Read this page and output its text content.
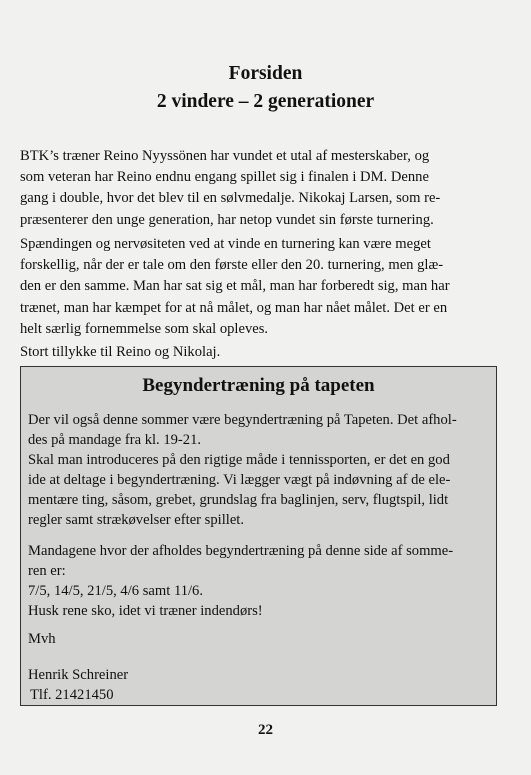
Forsiden

2 vindere – 2 generationer

BTK’s træner Reino Nyyssönen har vundet et utal af mesterskaber, og
som veteran har Reino endnu engang spillet sig i finalen i DM. Denne
gang i double, hvor det blev til en sølvmedalje. Nikokaj Larsen, som re-
præsenterer den unge generation, har netop vundet sin første turnering.
Spændingen og nervøsiteten ved at vinde en turnering kan være meget
forskellig, når der er tale om den første eller den 20. turnering, men glæ-
den er den samme. Man har sat sig et mål, man har forberedt sig, man har
trænet, man har kæmpet for at nå målet, og man har nået målet. Det er en
helt særlig fornemmelse som skal opleves.
Stort tillykke til Reino og Nikolaj.

Begyndertræning på tapeten

Der vil også denne sommer være begyndertræning på Tapeten. Det afhol-
des på mandage fra kl. 19-21.
Skal man introduceres på den rigtige måde i tennissporten, er det en god
ide at deltage i begyndertræning. Vi lægger vægt på indøvning af de ele-
mentære ting, såsom, grebet, grundslag fra baglinjen, serv, flugtspil, lidt
regler samt strækøvelser efter spillet.
Mandagene hvor der afholdes begyndertræning på denne side af somme-
ren er:
7/5, 14/5, 21/5, 4/6 samt 11/6.
Husk rene sko, idet vi træner indendørs!
Mvh
Henrik Schreiner
Tlf. 21421450
22
